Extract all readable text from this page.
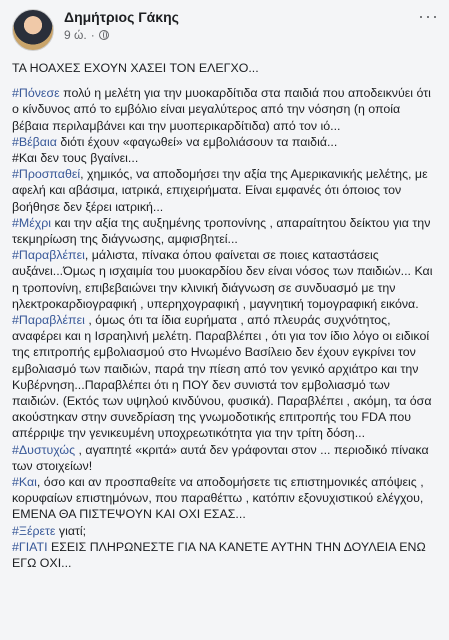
Δημήτριος Γάκης
9 ώ. ·
···

ΤΑ ΗΟΑΧΕΣ ΕΧΟΥΝ ΧΑΣΕΙ ΤΟΝ ΕΛΕΓΧΟ...

#Πόνεσε πολύ η μελέτη για την μυοκαρδίτιδα στα παιδιά που αποδεικνύει ότι ο κίνδυνος από το εμβόλιο είναι μεγαλύτερος από την νόσηση (η οποία βέβαια περιλαμβάνει και την μυοπερικαρδίτιδα) από τον ιό...

#Βέβαια διότι έχουν «φαγωθεί» να εμβολιάσουν τα παιδιά...

#Και δεν τους βγαίνει...

#Προσπαθεί, χημικός, να αποδομήσει την αξία της Αμερικανικής μελέτης, με αφελή και αβάσιμα, ιατρικά, επιχειρήματα. Είναι εμφανές ότι όποιος τον βοήθησε δεν ξέρει ιατρική...

#Μέχρι και την αξία της αυξημένης τροπονίνης , απαραίτητου δείκτου για την τεκμηρίωση της διάγνωσης, αμφισβητεί...

#Παραβλέπει, μάλιστα, πίνακα όπου φαίνεται σε ποιες καταστάσεις αυξάνει...Όμως η ισχαιμία του μυοκαρδίου δεν είναι νόσος των παιδιών... Και η τροπονίνη, επιβεβαιώνει την κλινική διάγνωση σε συνδυασμό με την ηλεκτροκαρδιογραφική , υπερηχογραφική , μαγνητική τομογραφική εικόνα.

#Παραβλέπει , όμως ότι τα ίδια ευρήματα , από πλευράς συχνότητος, αναφέρει και η Ισραηλινή μελέτη. Παραβλέπει , ότι για τον ίδιο λόγο οι ειδικοί της επιτροπής εμβολιασμού στο Ηνωμένο Βασίλειο δεν έχουν εγκρίνει τον εμβολιασμό των παιδιών, παρά την πίεση από τον γενικό αρχιάτρο και την Κυβέρνηση...Παραβλέπει ότι η ΠΟΥ δεν συνιστά τον εμβολιασμό των παιδιών. (Εκτός των υψηλού κινδύνου, φυσικά). Παραβλέπει , ακόμη, τα όσα ακούστηκαν στην συνεδρίαση της γνωμοδοτικής επιτροπής του FDA που απέρριψε την γενικευμένη υποχρεωτικότητα για την τρίτη δόση...

#Δυστυχώς , αγαπητέ «κριτά» αυτά δεν γράφονται στον ... περιοδικό πίνακα των στοιχείων!

#Και, όσο και αν προσπαθείτε να αποδομήσετε τις επιστημονικές απόψεις , κορυφαίων επιστημόνων, που παραθέττω , κατόπιν εξονυχιστικού ελέγχου, ΕΜΕΝΑ ΘΑ ΠΙΣΤΕΨΟΥΝ ΚΑΙ ΟΧΙ ΕΣΑΣ...

#Ξέρετε γιατί;

#ΓΙΑΤΙ ΕΣΕΙΣ ΠΛΗΡΩΝΕΣΤΕ ΓΙΑ ΝΑ ΚΑΝΕΤΕ ΑΥΤΗΝ ΤΗΝ ΔΟΥΛΕΙΑ ΕΝΩ ΕΓΩ ΟΧΙ...
